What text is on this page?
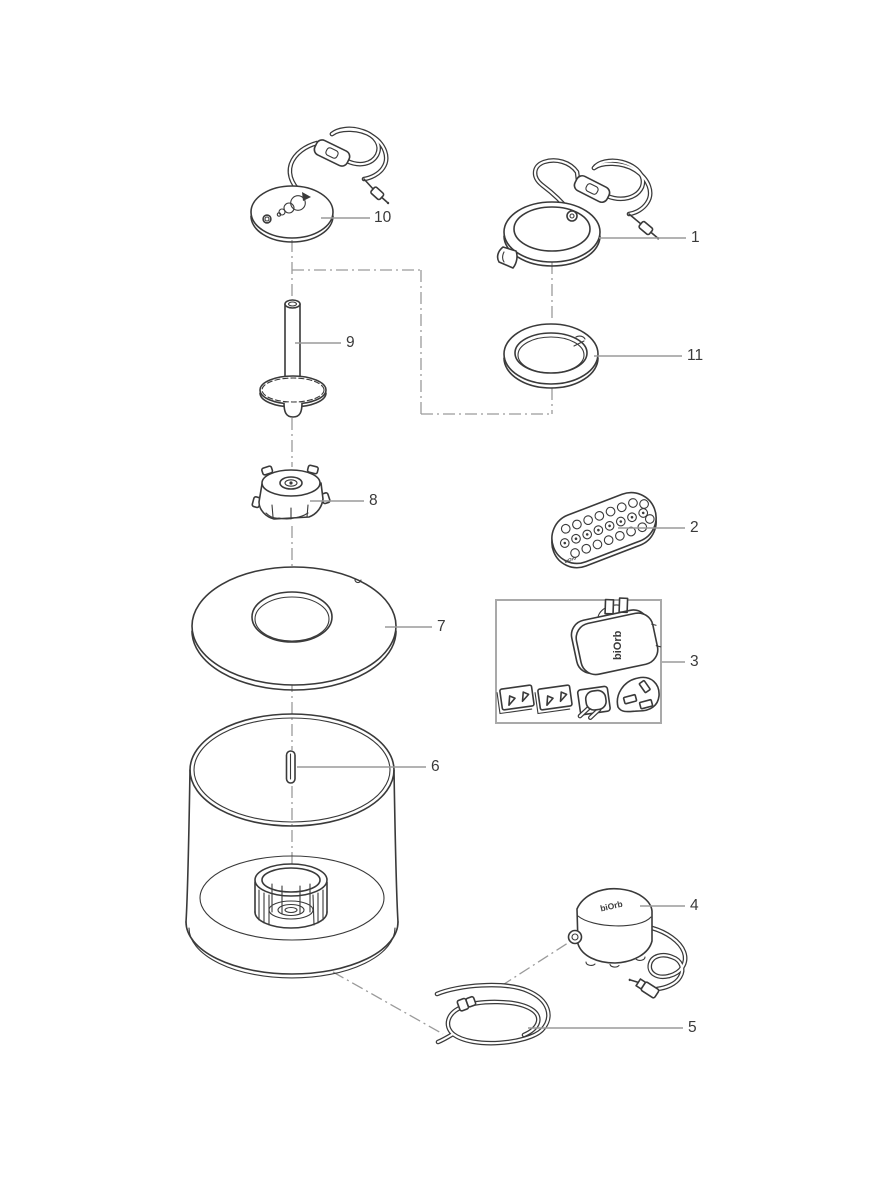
biOrb
biOrb
biOrb
10
1
9
11
8
2
7
3
6
4
5
